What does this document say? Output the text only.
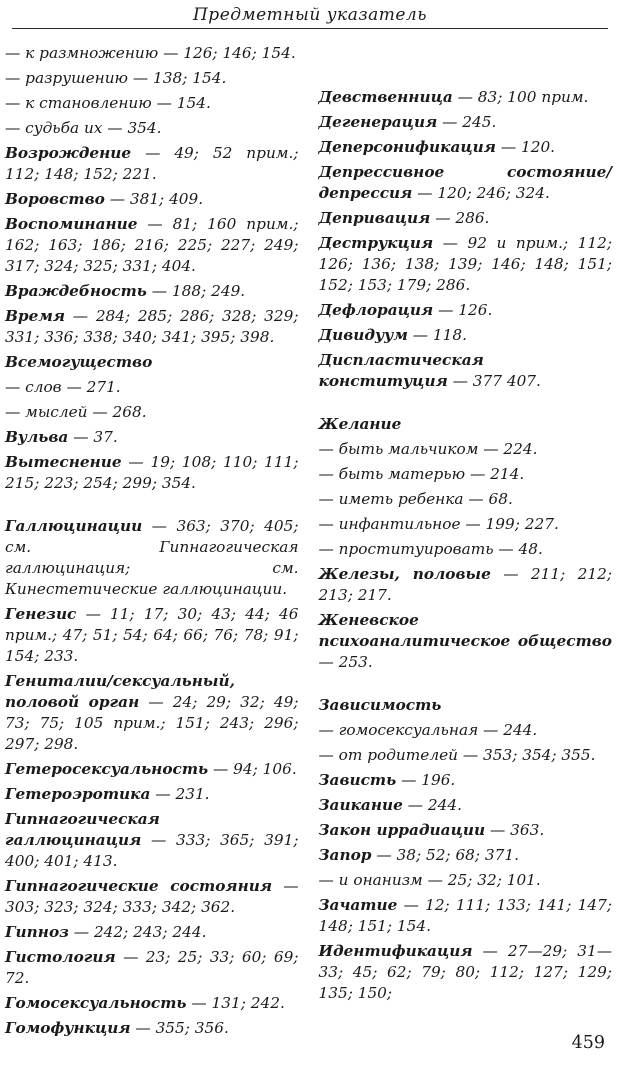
Предметный указатель
— к размножению — 126; 146; 154.
— разрушению — 138; 154.
— к становлению — 154.
— судьба их — 354.
Возрождение — 49; 52 прим.; 112; 148; 152; 221.
Воровство — 381; 409.
Воспоминание — 81; 160 прим.; 162; 163; 186; 216; 225; 227; 249; 317; 324; 325; 331; 404.
Враждебность — 188; 249.
Время — 284; 285; 286; 328; 329; 331; 336; 338; 340; 341; 395; 398.
Всемогущество
— слов — 271.
— мыслей — 268.
Вульва — 37.
Вытеснение — 19; 108; 110; 111; 215; 223; 254; 299; 354.
Галлюцинации — 363; 370; 405; см. Гипнагогическая галлюцинация; см. Кинестетические галлюцинации.
Генезис — 11; 17; 30; 43; 44; 46 прим.; 47; 51; 54; 64; 66; 76; 78; 91; 154; 233.
Гениталии/сексуальный, половой орган — 24; 29; 32; 49; 73; 75; 105 прим.; 151; 243; 296; 297; 298.
Гетеросексуальность — 94; 106.
Гетероэротика — 231.
Гипнагогическая галлюцинация — 333; 365; 391; 400; 401; 413.
Гипнагогические состояния — 303; 323; 324; 333; 342; 362.
Гипноз — 242; 243; 244.
Гистология — 23; 25; 33; 60; 69; 72.
Гомосексуальность — 131; 242.
Гомофункция — 355; 356.
Девственница — 83; 100 прим.
Дегенерация — 245.
Деперсонификация — 120.
Депрессивное состояние/депрессия — 120; 246; 324.
Депривация — 286.
Деструкция — 92 и прим.; 112; 126; 136; 138; 139; 146; 148; 151; 152; 153; 179; 286.
Дефлорация — 126.
Дивидуум — 118.
Диспластическая конституция — 377 407.
Желание
— быть мальчиком — 224.
— быть матерью — 214.
— иметь ребенка — 68.
— инфантильное — 199; 227.
— проституировать — 48.
Железы, половые — 211; 212; 213; 217.
Женевское психоаналитическое общество — 253.
Зависимость
— гомосексуальная — 244.
— от родителей — 353; 354; 355.
Зависть — 196.
Заикание — 244.
Закон иррадиации — 363.
Запор — 38; 52; 68; 371.
— и онанизм — 25; 32; 101.
Зачатие — 12; 111; 133; 141; 147; 148; 151; 154.
Идентификация — 27—29; 31—33; 45; 62; 79; 80; 112; 127; 129; 135; 150;
459
